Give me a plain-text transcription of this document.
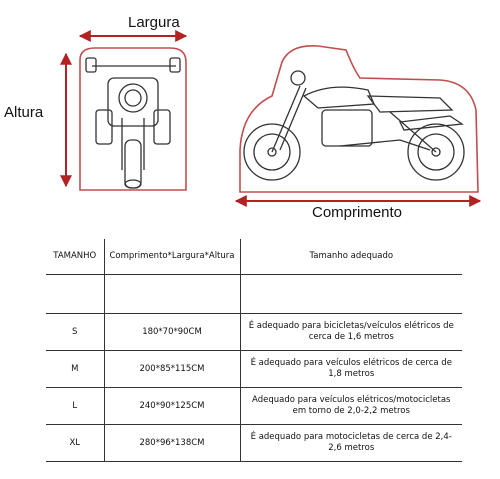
Largura
Altura
Comprimento
TAMANHO	Comprimento*Largura*Altura	Tamanho adequado

S	180*70*90CM	É adequado para bicicletas/veículos elétricos de cerca de 1,6 metros
M	200*85*115CM	É adequado para veículos elétricos de cerca de 1,8 metros
L	240*90*125CM	Adequado para veículos elétricos/motocicletas em torno de 2,0-2,2 metros
XL	280*96*138CM	É adequado para motocicletas de cerca de 2,4-2,6 metros
